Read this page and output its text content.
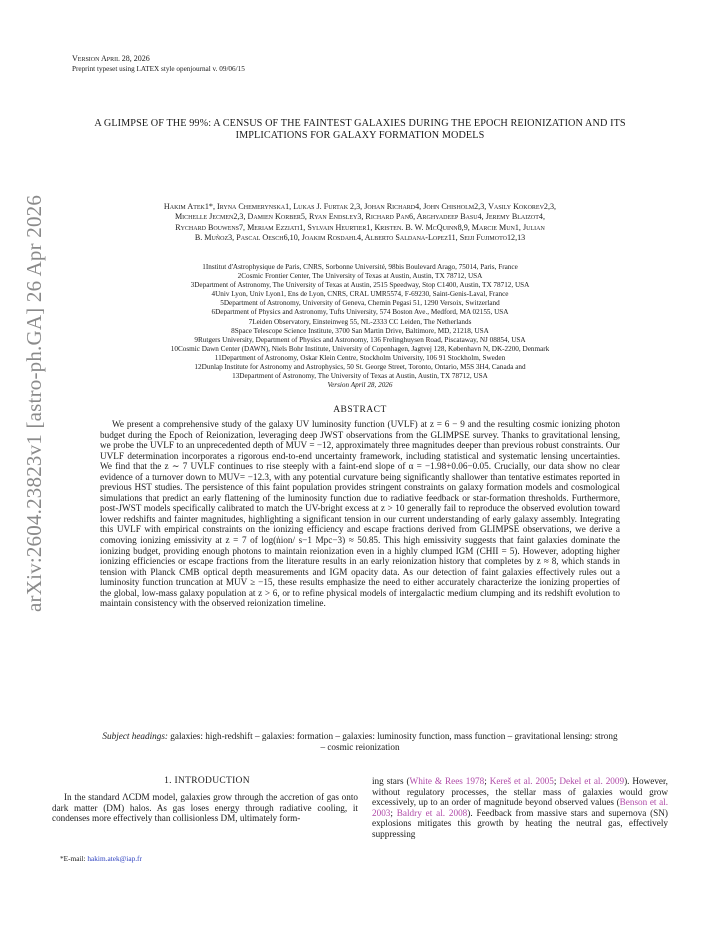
Version April 28, 2026
Preprint typeset using LATEX style openjournal v. 09/06/15
A GLIMPSE OF THE 99%: A CENSUS OF THE FAINTEST GALAXIES DURING THE EPOCH REIONIZATION AND ITS IMPLICATIONS FOR GALAXY FORMATION MODELS
arXiv:2604.23823v1 [astro-ph.GA] 26 Apr 2026	Hakim Atek1*, Iryna Chemerynska1, Lukas J. Furtak 2,3, Johan Richard4, John Chisholm2,3, Vasily Kokorev2,3,
Michelle Jecmen2,3, Damien Korber5, Ryan Endsley3, Richard Pan6, Arghyadeep Basu4, Jeremy Blaizot4,
Rychard Bouwens7, Meriam Ezziati1, Sylvain Heurtier1, Kristen. B. W. McQuinn8,9, Marcie Mun1, Julian
B. Muñoz3, Pascal Oesch6,10, Joakim Rosdahl4, Alberto Saldana-Lopez11, Seiji Fujimoto12,13
1Institut d'Astrophysique de Paris, CNRS, Sorbonne Université, 98bis Boulevard Arago, 75014, Paris, France
2Cosmic Frontier Center, The University of Texas at Austin, Austin, TX 78712, USA
3Department of Astronomy, The University of Texas at Austin, 2515 Speedway, Stop C1400, Austin, TX 78712, USA
4Univ Lyon, Univ Lyon1, Ens de Lyon, CNRS, CRAL UMR5574, F-69230, Saint-Genis-Laval, France
5Department of Astronomy, University of Geneva, Chemin Pegasi 51, 1290 Versoix, Switzerland
6Department of Physics and Astronomy, Tufts University, 574 Boston Ave., Medford, MA 02155, USA
7Leiden Observatory, Einsteinweg 55, NL-2333 CC Leiden, The Netherlands
8Space Telescope Science Institute, 3700 San Martin Drive, Baltimore, MD, 21218, USA
9Rutgers University, Department of Physics and Astronomy, 136 Frelinghuysen Road, Piscataway, NJ 08854, USA
10Cosmic Dawn Center (DAWN), Niels Bohr Institute, University of Copenhagen, Jagtvej 128, København N, DK-2200, Denmark
11Department of Astronomy, Oskar Klein Centre, Stockholm University, 106 91 Stockholm, Sweden
12Dunlap Institute for Astronomy and Astrophysics, 50 St. George Street, Toronto, Ontario, M5S 3H4, Canada and
13Department of Astronomy, The University of Texas at Austin, Austin, TX 78712, USA
Version April 28, 2026
ABSTRACT
We present a comprehensive study of the galaxy UV luminosity function (UVLF) at z = 6 − 9 and the resulting cosmic ionizing photon budget during the Epoch of Reionization, leveraging deep JWST observations from the GLIMPSE survey. Thanks to gravitational lensing, we probe the UVLF to an unprecedented depth of MUV = −12, approximately three magnitudes deeper than previous robust constraints. Our UVLF determination incorporates a rigorous end-to-end uncertainty framework, including statistical and systematic lensing uncertainties. We find that the z ∼ 7 UVLF continues to rise steeply with a faint-end slope of α = −1.98+0.06−0.05. Crucially, our data show no clear evidence of a turnover down to MUV= −12.3, with any potential curvature being significantly shallower than tentative estimates reported in previous HST studies. The persistence of this faint population provides stringent constraints on galaxy formation models and cosmological simulations that predict an early flattening of the luminosity function due to radiative feedback or star-formation thresholds. Furthermore, post-JWST models specifically calibrated to match the UV-bright excess at z > 10 generally fail to reproduce the observed evolution toward lower redshifts and fainter magnitudes, highlighting a significant tension in our current understanding of early galaxy assembly. Integrating this UVLF with empirical constraints on the ionizing efficiency and escape fractions derived from GLIMPSE observations, we derive a comoving ionizing emissivity at z = 7 of log(ṅion/ s−1 Mpc−3) ≈ 50.85. This high emissivity suggests that faint galaxies dominate the ionizing budget, providing enough photons to maintain reionization even in a highly clumped IGM (CHII = 5). However, adopting higher ionizing efficiencies or escape fractions from the literature results in an early reionization history that completes by z ≈ 8, which stands in tension with Planck CMB optical depth measurements and IGM opacity data. As our detection of faint galaxies effectively rules out a luminosity function truncation at MUV ≥ −15, these results emphasize the need to either accurately characterize the ionizing properties of the global, low-mass galaxy population at z > 6, or to refine physical models of intergalactic medium clumping and its redshift evolution to maintain consistency with the observed reionization timeline.
Subject headings: galaxies: high-redshift – galaxies: formation – galaxies: luminosity function, mass function – gravitational lensing: strong – cosmic reionization
1. INTRODUCTION
In the standard ΛCDM model, galaxies grow through the accretion of gas onto dark matter (DM) halos. As gas loses energy through radiative cooling, it condenses more effectively than collisionless DM, ultimately form-
*E-mail: hakim.atek@iap.fr
ing stars (White & Rees 1978; Kereš et al. 2005; Dekel et al. 2009). However, without regulatory processes, the stellar mass of galaxies would grow excessively, up to an order of magnitude beyond observed values (Benson et al. 2003; Baldry et al. 2008). Feedback from massive stars and supernova (SN) explosions mitigates this growth by heating the neutral gas, effectively suppressing
